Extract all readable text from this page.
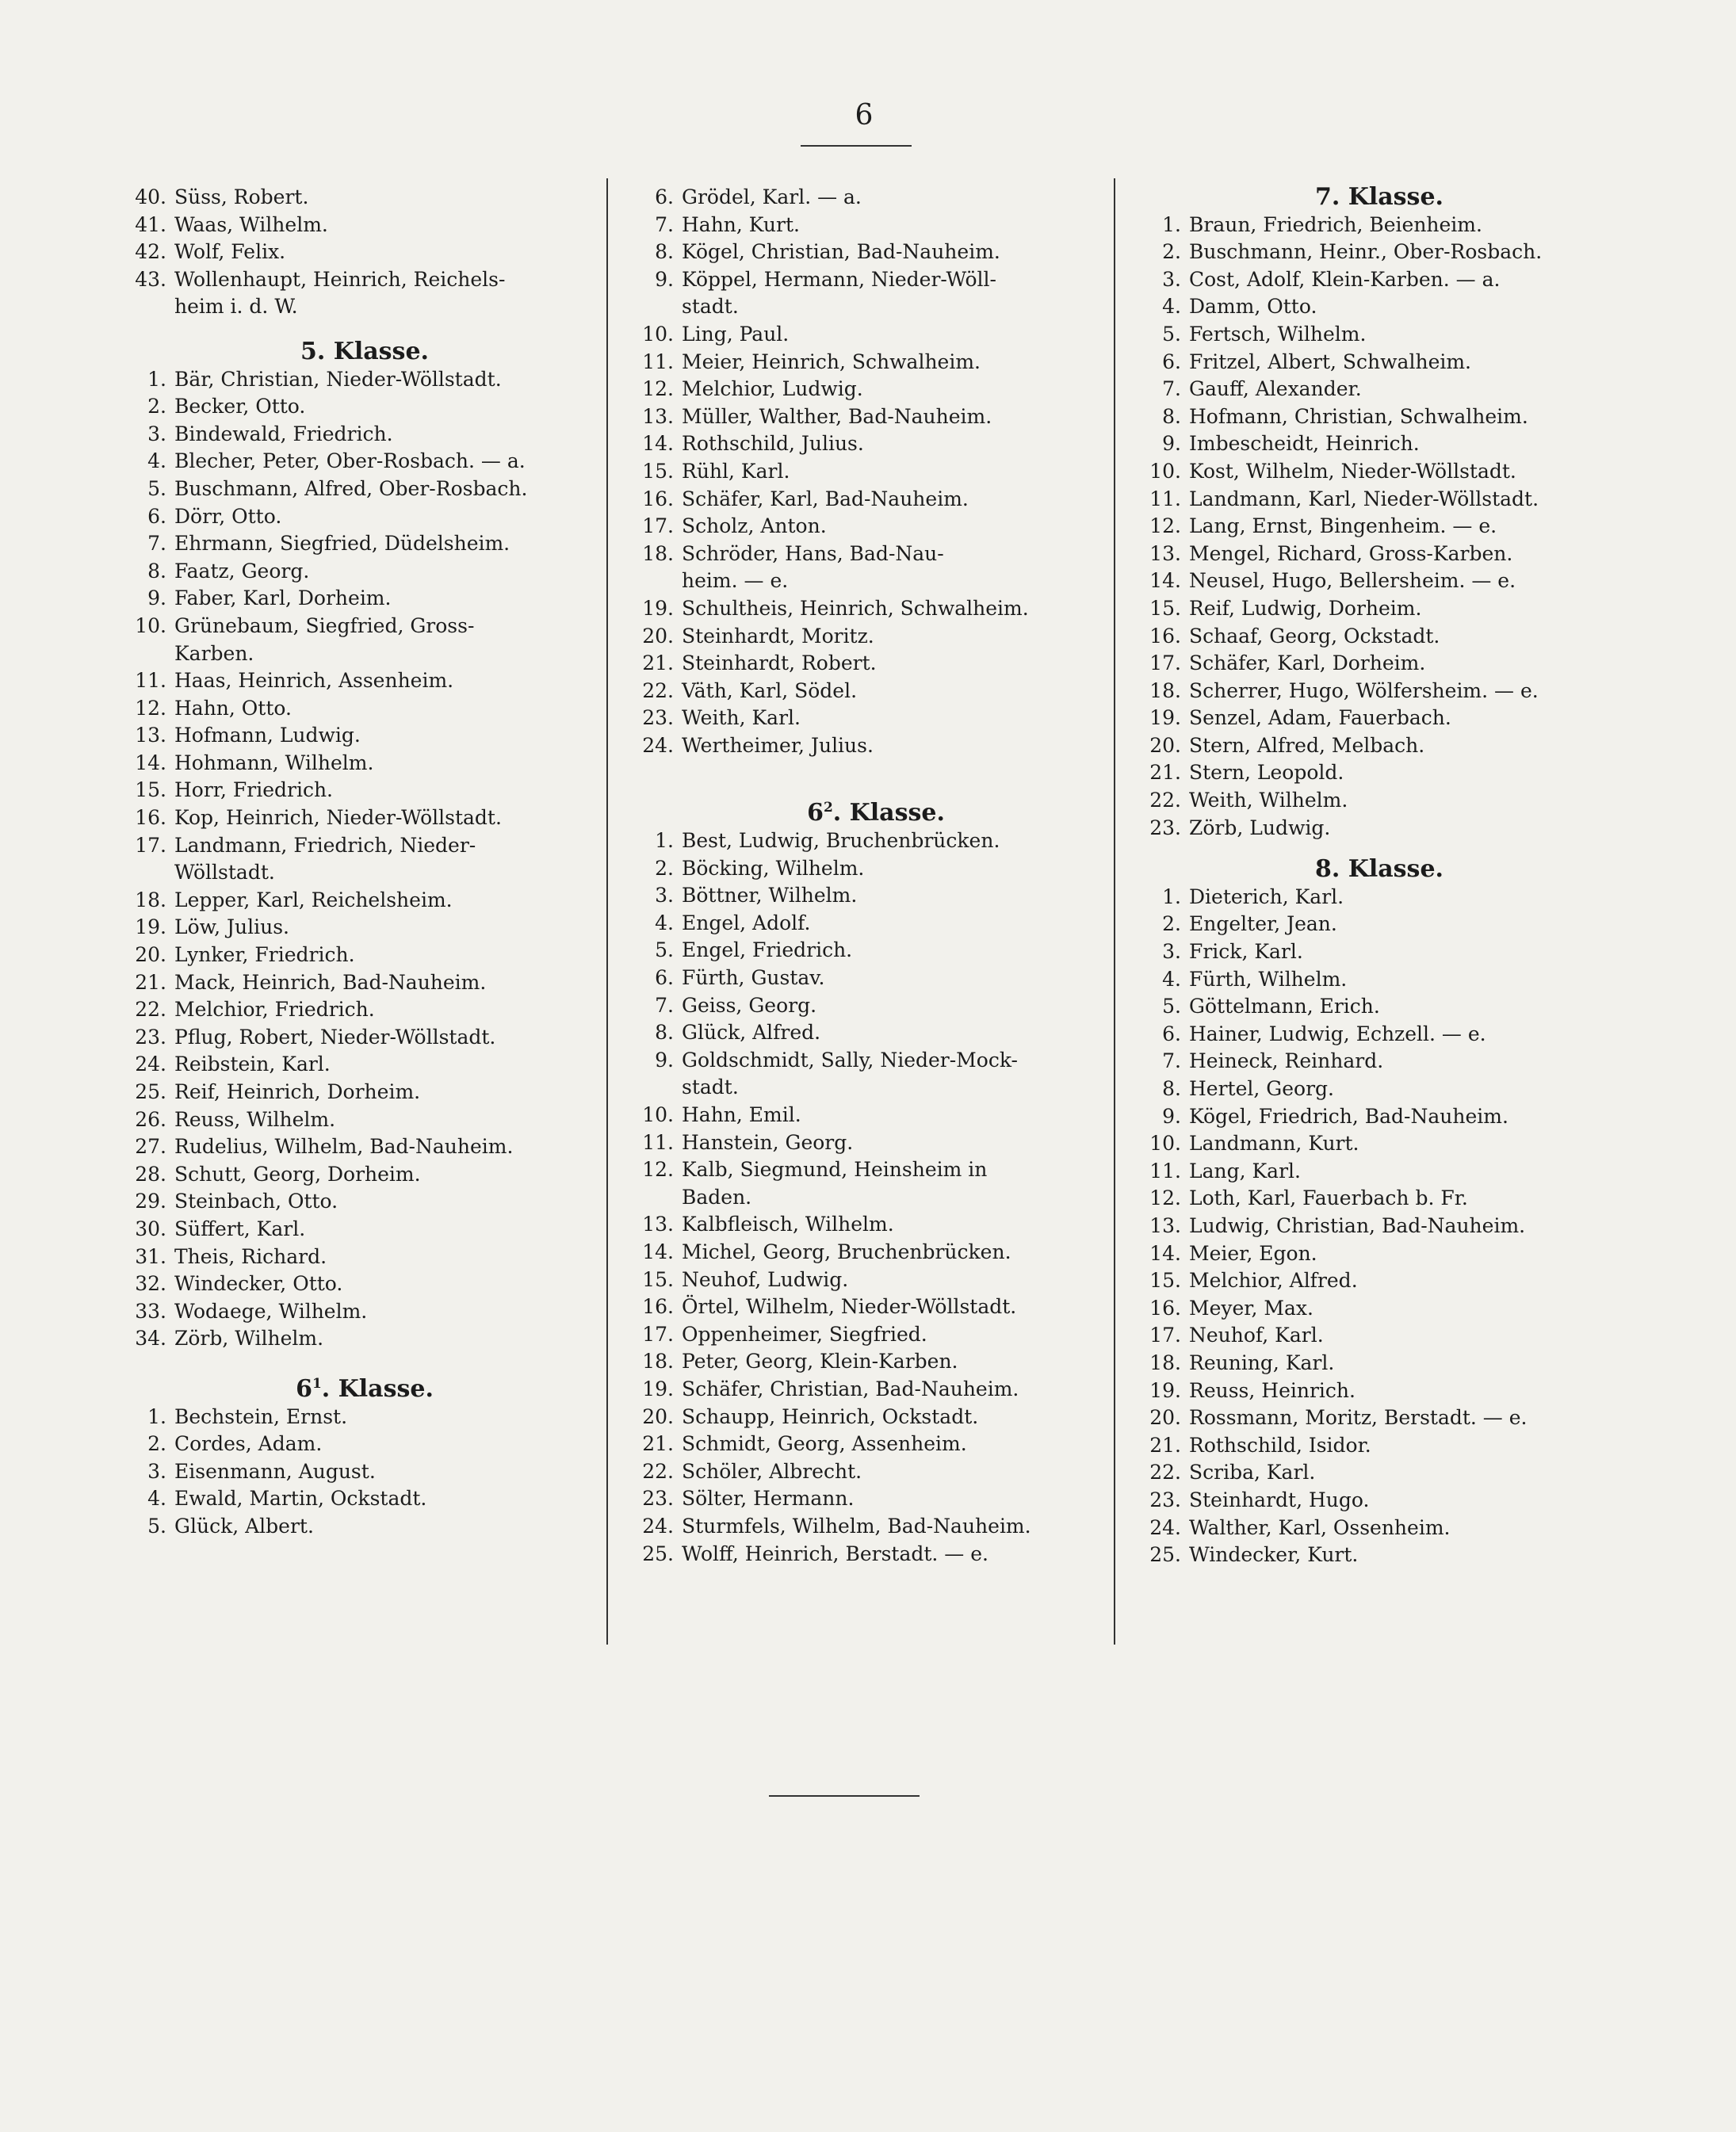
6
40. Süss, Robert.
41. Waas, Wilhelm.
42. Wolf, Felix.
43. Wollenhaupt, Heinrich, Reichels-
heim i. d. W.
5. Klasse.
1. Bär, Christian, Nieder-Wöllstadt.
2. Becker, Otto.
3. Bindewald, Friedrich.
4. Blecher, Peter, Ober-Rosbach. — a.
5. Buschmann, Alfred, Ober-Rosbach.
6. Dörr, Otto.
7. Ehrmann, Siegfried, Düdelsheim.
8. Faatz, Georg.
9. Faber, Karl, Dorheim.
10. Grünebaum, Siegfried, Gross-
Karben.
11. Haas, Heinrich, Assenheim.
12. Hahn, Otto.
13. Hofmann, Ludwig.
14. Hohmann, Wilhelm.
15. Horr, Friedrich.
16. Kop, Heinrich, Nieder-Wöllstadt.
17. Landmann, Friedrich, Nieder-
Wöllstadt.
18. Lepper, Karl, Reichelsheim.
19. Löw, Julius.
20. Lynker, Friedrich.
21. Mack, Heinrich, Bad-Nauheim.
22. Melchior, Friedrich.
23. Pflug, Robert, Nieder-Wöllstadt.
24. Reibstein, Karl.
25. Reif, Heinrich, Dorheim.
26. Reuss, Wilhelm.
27. Rudelius, Wilhelm, Bad-Nauheim.
28. Schutt, Georg, Dorheim.
29. Steinbach, Otto.
30. Süffert, Karl.
31. Theis, Richard.
32. Windecker, Otto.
33. Wodaege, Wilhelm.
34. Zörb, Wilhelm.
$6^1$. Klasse.
1. Bechstein, Ernst.
2. Cordes, Adam.
3. Eisenmann, August.
4. Ewald, Martin, Ockstadt.
5. Glück, Albert.
6. Grödel, Karl. — a.
7. Hahn, Kurt.
8. Kögel, Christian, Bad-Nauheim.
9. Köppel, Hermann, Nieder-Wöll-
stadt.
10. Ling, Paul.
11. Meier, Heinrich, Schwalheim.
12. Melchior, Ludwig.
13. Müller, Walther, Bad-Nauheim.
14. Rothschild, Julius.
15. Rühl, Karl.
16. Schäfer, Karl, Bad-Nauheim.
17. Scholz, Anton.
18. Schröder, Hans, Bad-Nau-
heim. — e.
19. Schultheis, Heinrich, Schwalheim.
20. Steinhardt, Moritz.
21. Steinhardt, Robert.
22. Väth, Karl, Södel.
23. Weith, Karl.
24. Wertheimer, Julius.
$6^2$. Klasse.
1. Best, Ludwig, Bruchenbrücken.
2. Böcking, Wilhelm.
3. Böttner, Wilhelm.
4. Engel, Adolf.
5. Engel, Friedrich.
6. Fürth, Gustav.
7. Geiss, Georg.
8. Glück, Alfred.
9. Goldschmidt, Sally, Nieder-Mock-
stadt.
10. Hahn, Emil.
11. Hanstein, Georg.
12. Kalb, Siegmund, Heinsheim in
Baden.
13. Kalbfleisch, Wilhelm.
14. Michel, Georg, Bruchenbrücken.
15. Neuhof, Ludwig.
16. Örtel, Wilhelm, Nieder-Wöllstadt.
17. Oppenheimer, Siegfried.
18. Peter, Georg, Klein-Karben.
19. Schäfer, Christian, Bad-Nauheim.
20. Schaupp, Heinrich, Ockstadt.
21. Schmidt, Georg, Assenheim.
22. Schöler, Albrecht.
23. Sölter, Hermann.
24. Sturmfels, Wilhelm, Bad-Nauheim.
25. Wolff, Heinrich, Berstadt. — e.
7. Klasse.
1. Braun, Friedrich, Beienheim.
2. Buschmann, Heinr., Ober-Rosbach.
3. Cost, Adolf, Klein-Karben. — a.
4. Damm, Otto.
5. Fertsch, Wilhelm.
6. Fritzel, Albert, Schwalheim.
7. Gauff, Alexander.
8. Hofmann, Christian, Schwalheim.
9. Imbescheidt, Heinrich.
10. Kost, Wilhelm, Nieder-Wöllstadt.
11. Landmann, Karl, Nieder-Wöllstadt.
12. Lang, Ernst, Bingenheim. — e.
13. Mengel, Richard, Gross-Karben.
14. Neusel, Hugo, Bellersheim. — e.
15. Reif, Ludwig, Dorheim.
16. Schaaf, Georg, Ockstadt.
17. Schäfer, Karl, Dorheim.
18. Scherrer, Hugo, Wölfersheim. — e.
19. Senzel, Adam, Fauerbach.
20. Stern, Alfred, Melbach.
21. Stern, Leopold.
22. Weith, Wilhelm.
23. Zörb, Ludwig.
8. Klasse.
1. Dieterich, Karl.
2. Engelter, Jean.
3. Frick, Karl.
4. Fürth, Wilhelm.
5. Göttelmann, Erich.
6. Hainer, Ludwig, Echzell. — e.
7. Heineck, Reinhard.
8. Hertel, Georg.
9. Kögel, Friedrich, Bad-Nauheim.
10. Landmann, Kurt.
11. Lang, Karl.
12. Loth, Karl, Fauerbach b. Fr.
13. Ludwig, Christian, Bad-Nauheim.
14. Meier, Egon.
15. Melchior, Alfred.
16. Meyer, Max.
17. Neuhof, Karl.
18. Reuning, Karl.
19. Reuss, Heinrich.
20. Rossmann, Moritz, Berstadt. — e.
21. Rothschild, Isidor.
22. Scriba, Karl.
23. Steinhardt, Hugo.
24. Walther, Karl, Ossenheim.
25. Windecker, Kurt.
